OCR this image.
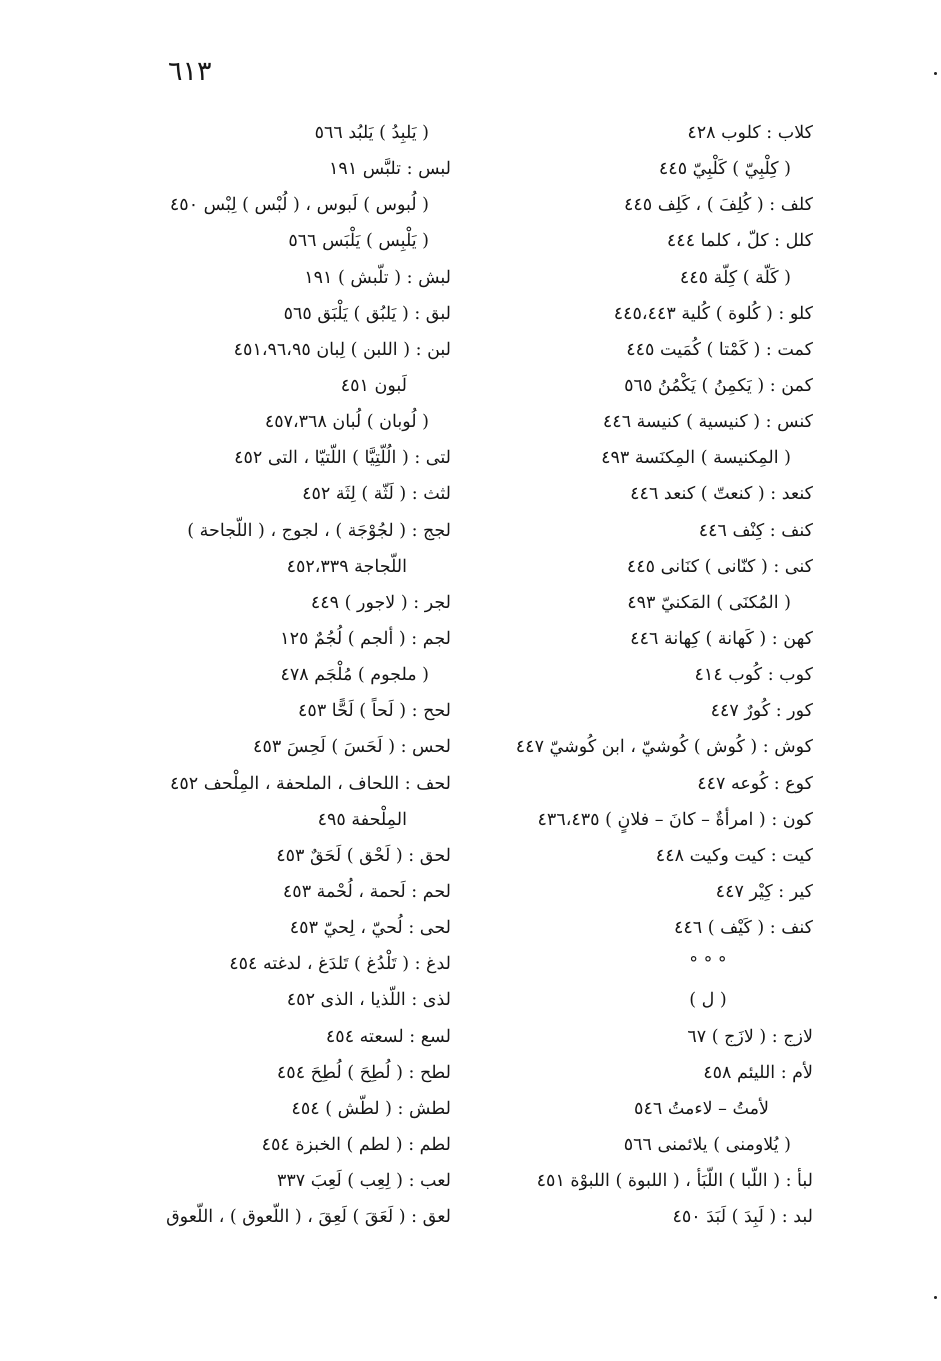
٦١٣
كلاب : كلوب ٤٢٨
( كِلْبِيّ ) كَلْبِيّ ٤٤٥
كلف : ( كُلِفَ ) ، كَلِف ٤٤٥
كلل : كلّ ، كلما ٤٤٤
( كَلّة ) كِلّة ٤٤٥
كلو : ( كُلوة ) كُلية ٤٤٥،٤٤٣
كمت : ( كَمْتا ) كُمَيت ٤٤٥
كمن : ( يَكمِنُ ) يَكْمُنُ ٥٦٥
كنس : ( كنيسية ) كنيسة ٤٤٦
( المِكنيسة ) المِكنَسة ٤٩٣
كنعد : ( كنعتّ ) كنعد ٤٤٦
كنف : كِنْف ٤٤٦
كنى : ( كنّانى ) كنَانى ٤٤٥
( المُكنَى ) المَكنيّ ٤٩٣
كهن : ( كَهانة ) كِهانة ٤٤٦
كوب : كُوب ٤١٤
كور : كُورٌ ٤٤٧
كوش : ( كُوش ) كُوشيّ ، ابن كُوشيّ ٤٤٧
كوع : كُوعه ٤٤٧
كون : ( امرأةٌ – كانَ – فلانٍ ) ٤٣٦،٤٣٥
كيت : كيت وكيت ٤٤٨
كير : كِيْر ٤٤٧
كنف : ( كَيْف ) ٤٤٦
° ° °
( ل )
لازج : ( لازَج ) ٦٧
لأم : الليئم ٤٥٨
لأمتُ – لاءمتُ ٥٤٦
( يُلاومنى ) يلائمنى ٥٦٦
لبأ : ( اللّبا ) اللّبَأ ، ( اللبوة ) اللبوْة ٤٥١
لبد : ( لَبِدَ ) لَبَدَ ٤٥٠
( يَلبِدُ ) يَلبُد ٥٦٦
لبس : تلبَّس ١٩١
( لُبوس ) لَبوس ، ( لُبْس ) لِبْس ٤٥٠
( يَلْبِس ) يَلْبَس ٥٦٦
لبش : ( تلّبش ) ١٩١
لبق : ( يَلبُق ) يَلْبَق ٥٦٥
لبن : ( اللبن ) لِبان ٤٥١،٩٦،٩٥
لَبون ٤٥١
( لُوبان ) لُبان ٤٥٧،٣٦٨
لتى : ( الُلّتِيَّا ) اللّتيّا ، التى ٤٥٢
لثث : ( لَثّة ) لِثَة ٤٥٢
لجج : ( لجُوْجَة ) ، لجوج ، ( اللّجاحة )
اللّجاجة ٤٥٢،٣٣٩
لجر : ( لاجور ) ٤٤٩
لجم : ( ألجم ) لُجُمٌ ١٢٥
( ملجوم ) مُلْجَم ٤٧٨
لحح : ( لَحاً ) لَحًّا ٤٥٣
لحس : ( لَحَسَ ) لَحِسَ ٤٥٣
لحف : اللحاف ، الملحفة ، المِلْحف ٤٥٢
المِلْحفة ٤٩٥
لحق : ( لَحْق ) لَحَقٌ ٤٥٣
لحم : لَحمة ، لُحْمة ٤٥٣
لحى : لُحيّ ، لِحيّ ٤٥٣
لدغ : ( تَلْدُغ ) تَلدَغ ، لدغته ٤٥٤
لذى : اللّذيا ، الذى ٤٥٢
لسع : لسعته ٤٥٤
لطح : ( لُطِحَ ) لُطِحَ ٤٥٤
لطش : ( لطّش ) ٤٥٤
لطم : ( لطم ) الخبزة ٤٥٤
لعب : ( لِعِب ) لَعِبَ ٣٣٧
لعق : ( لَعَقَ ) لَعِقَ ، ( اللّعوق ) ، اللّعوق
